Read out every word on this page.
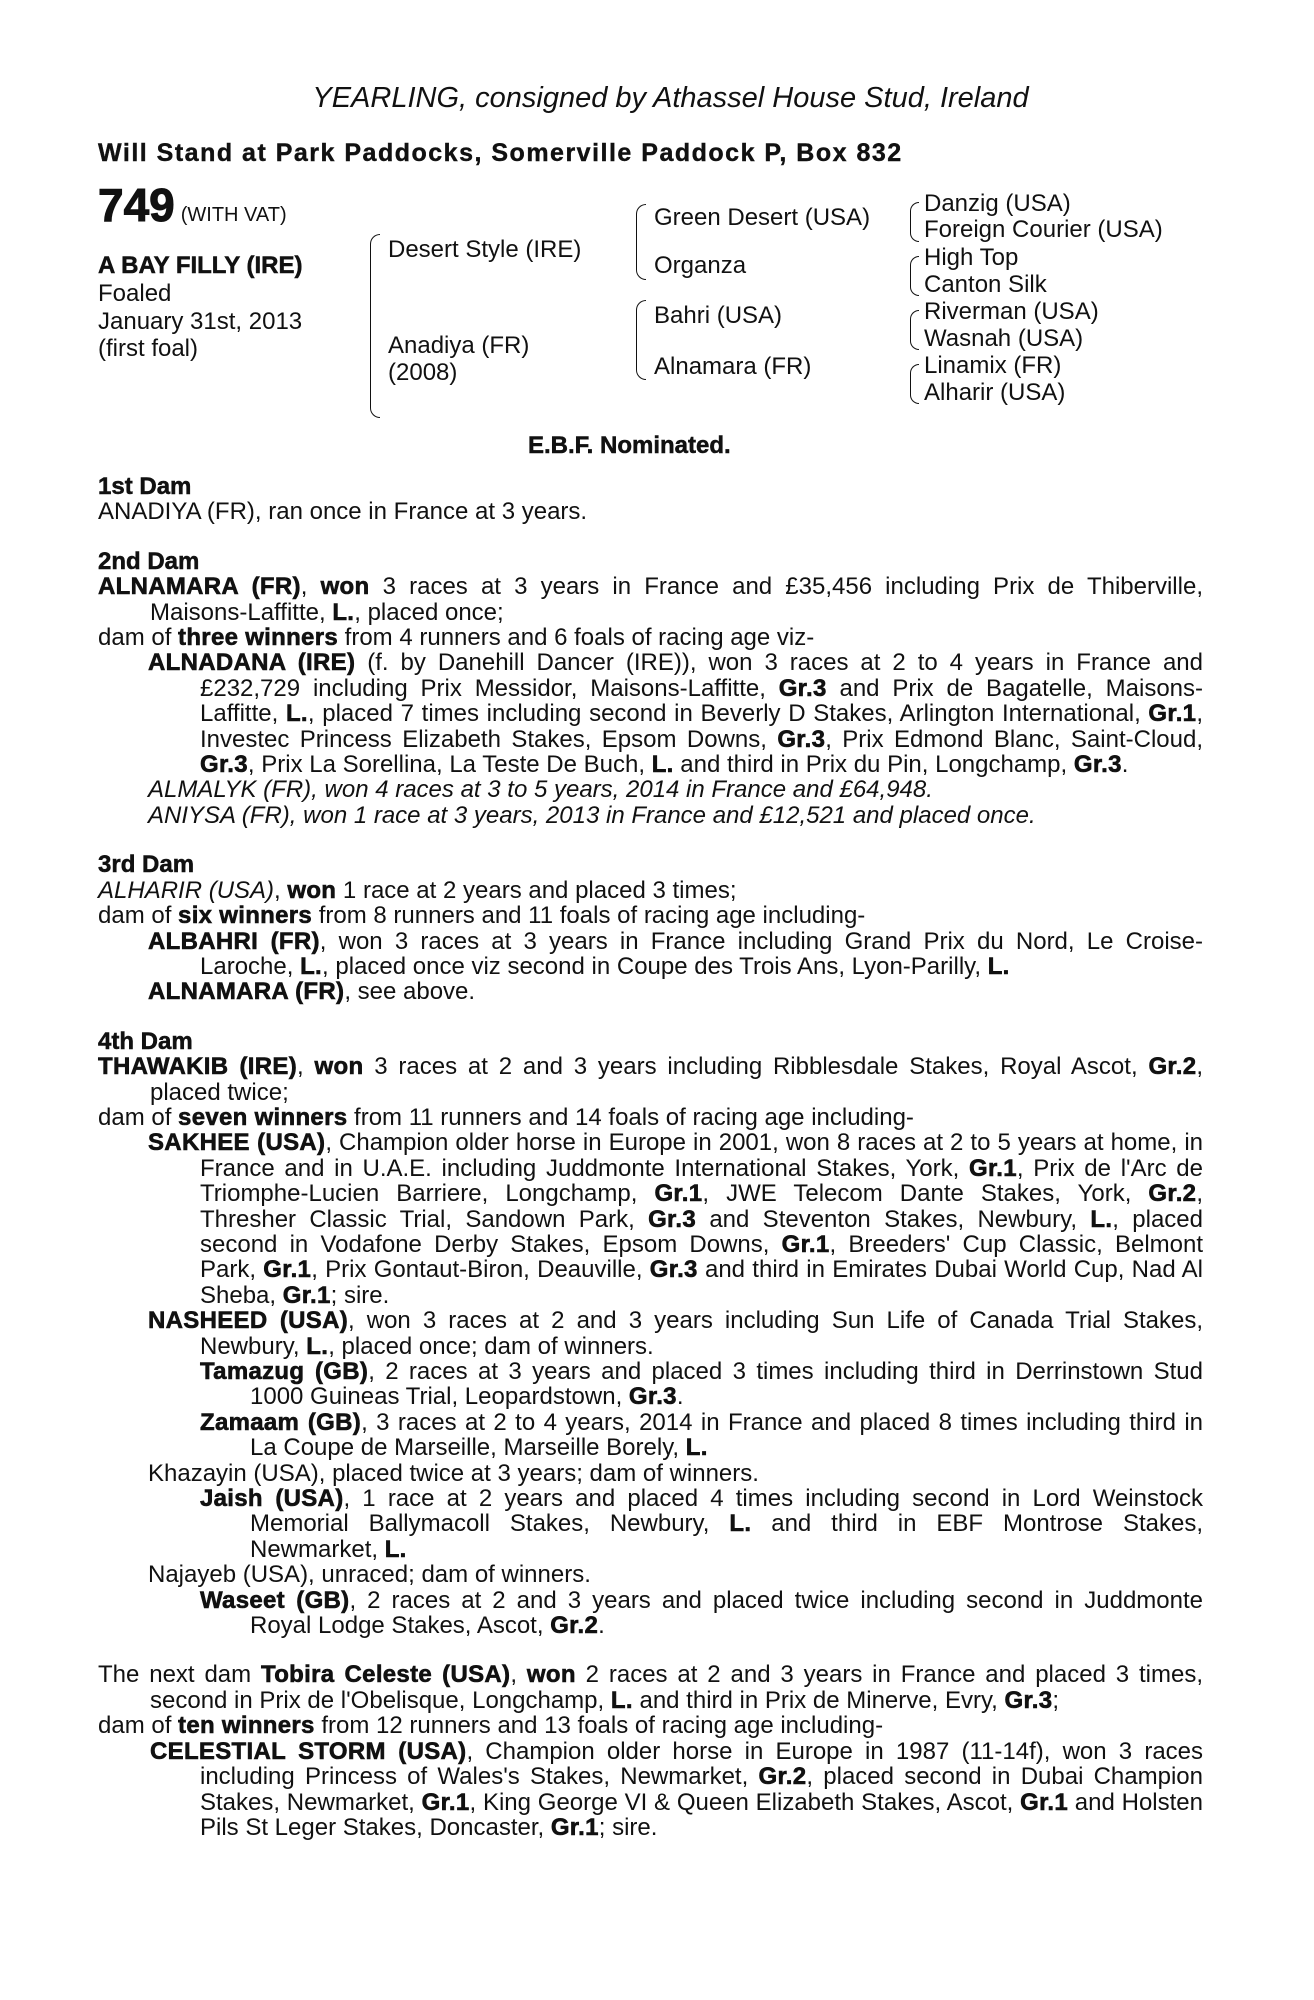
YEARLING, consigned by Athassel House Stud, Ireland
Will Stand at Park Paddocks, Somerville Paddock P, Box 832
749 (WITH VAT)
A BAY FILLY (IRE)
Foaled
January 31st, 2013
(first foal)
Desert Style (IRE)
Anadiya (FR)
(2008)
Green Desert (USA)
Organza
Bahri (USA)
Alnamara (FR)
Danzig (USA)
Foreign Courier (USA)
High Top
Canton Silk
Riverman (USA)
Wasnah (USA)
Linamix (FR)
Alharir (USA)
E.B.F. Nominated.

1st Dam

ANADIYA (FR), ran once in France at 3 years.

2nd Dam

ALNAMARA (FR), won 3 races at 3 years in France and £35,456 including Prix de Thiberville, Maisons-Laffitte, L., placed once;

dam of three winners from 4 runners and 6 foals of racing age viz-

ALNADANA (IRE) (f. by Danehill Dancer (IRE)), won 3 races at 2 to 4 years in France and £232,729 including Prix Messidor, Maisons-Laffitte, Gr.3 and Prix de Bagatelle, Maisons-Laffitte, L., placed 7 times including second in Beverly D Stakes, Arlington International, Gr.1, Investec Princess Elizabeth Stakes, Epsom Downs, Gr.3, Prix Edmond Blanc, Saint-Cloud, Gr.3, Prix La Sorellina, La Teste De Buch, L. and third in Prix du Pin, Longchamp, Gr.3.

ALMALYK (FR), won 4 races at 3 to 5 years, 2014 in France and £64,948.

ANIYSA (FR), won 1 race at 3 years, 2013 in France and £12,521 and placed once.

3rd Dam

ALHARIR (USA), won 1 race at 2 years and placed 3 times;

dam of six winners from 8 runners and 11 foals of racing age including-

ALBAHRI (FR), won 3 races at 3 years in France including Grand Prix du Nord, Le Croise-Laroche, L., placed once viz second in Coupe des Trois Ans, Lyon-Parilly, L.

ALNAMARA (FR), see above.

4th Dam

THAWAKIB (IRE), won 3 races at 2 and 3 years including Ribblesdale Stakes, Royal Ascot, Gr.2, placed twice;

dam of seven winners from 11 runners and 14 foals of racing age including-

SAKHEE (USA), Champion older horse in Europe in 2001, won 8 races at 2 to 5 years at home, in France and in U.A.E. including Juddmonte International Stakes, York, Gr.1, Prix de l'Arc de Triomphe-Lucien Barriere, Longchamp, Gr.1, JWE Telecom Dante Stakes, York, Gr.2, Thresher Classic Trial, Sandown Park, Gr.3 and Steventon Stakes, Newbury, L., placed second in Vodafone Derby Stakes, Epsom Downs, Gr.1, Breeders' Cup Classic, Belmont Park, Gr.1, Prix Gontaut-Biron, Deauville, Gr.3 and third in Emirates Dubai World Cup, Nad Al Sheba, Gr.1; sire.

NASHEED (USA), won 3 races at 2 and 3 years including Sun Life of Canada Trial Stakes, Newbury, L., placed once; dam of winners.

Tamazug (GB), 2 races at 3 years and placed 3 times including third in Derrinstown Stud 1000 Guineas Trial, Leopardstown, Gr.3.

Zamaam (GB), 3 races at 2 to 4 years, 2014 in France and placed 8 times including third in La Coupe de Marseille, Marseille Borely, L.

Khazayin (USA), placed twice at 3 years; dam of winners.

Jaish (USA), 1 race at 2 years and placed 4 times including second in Lord Weinstock Memorial Ballymacoll Stakes, Newbury, L. and third in EBF Montrose Stakes, Newmarket, L.

Najayeb (USA), unraced; dam of winners.

Waseet (GB), 2 races at 2 and 3 years and placed twice including second in Juddmonte Royal Lodge Stakes, Ascot, Gr.2.

The next dam Tobira Celeste (USA), won 2 races at 2 and 3 years in France and placed 3 times, second in Prix de l'Obelisque, Longchamp, L. and third in Prix de Minerve, Evry, Gr.3;

dam of ten winners from 12 runners and 13 foals of racing age including-

CELESTIAL STORM (USA), Champion older horse in Europe in 1987 (11-14f), won 3 races including Princess of Wales's Stakes, Newmarket, Gr.2, placed second in Dubai Champion Stakes, Newmarket, Gr.1, King George VI & Queen Elizabeth Stakes, Ascot, Gr.1 and Holsten Pils St Leger Stakes, Doncaster, Gr.1; sire.
